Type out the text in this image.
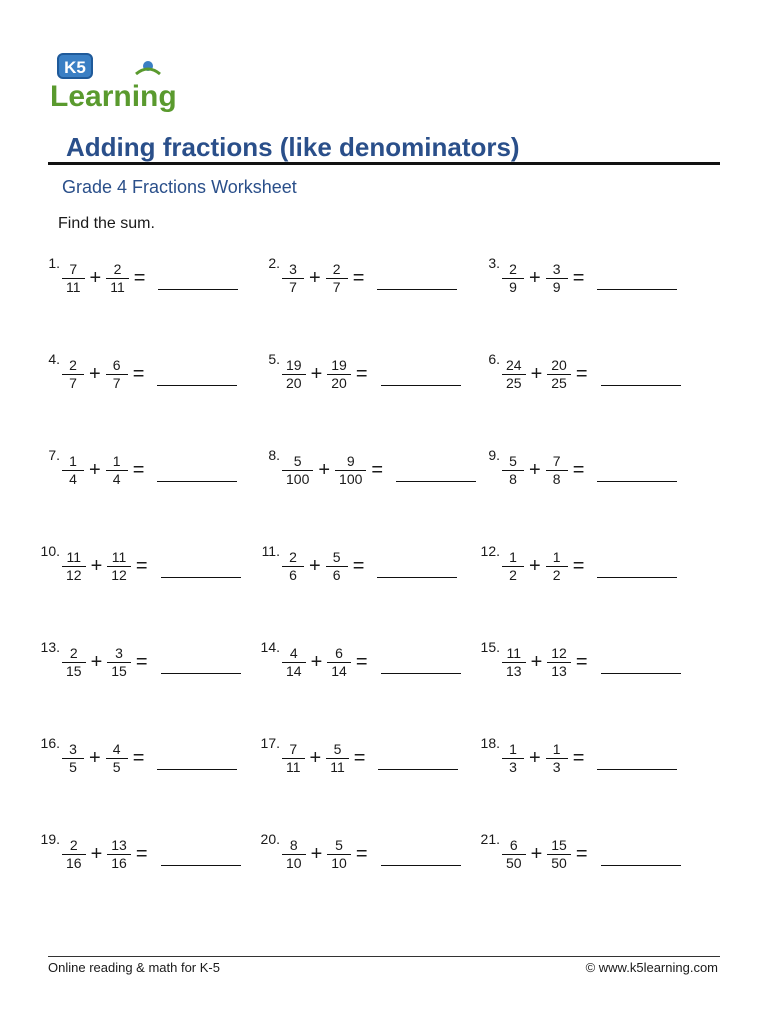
K5
Learning
Adding fractions (like denominators)
Grade 4 Fractions Worksheet
Find the sum.
1. $\frac{7}{11} + \frac{2}{11}$ =
2. $\frac{3}{7} + \frac{2}{7}$ =
3. $\frac{2}{9} + \frac{3}{9}$ =
4. $\frac{2}{7} + \frac{6}{7}$ =
5. $\frac{19}{20} + \frac{19}{20}$ =
6. $\frac{24}{25} + \frac{20}{25}$ =
7. $\frac{1}{4} + \frac{1}{4}$ =
8. $\frac{5}{100} + \frac{9}{100}$ =
9. $\frac{5}{8} + \frac{7}{8}$ =
10. $\frac{11}{12} + \frac{11}{12}$ =
11. $\frac{2}{6} + \frac{5}{6}$ =
12. $\frac{1}{2} + \frac{1}{2}$ =
13. $\frac{2}{15} + \frac{3}{15}$ =
14. $\frac{4}{14} + \frac{6}{14}$ =
15. $\frac{11}{13} + \frac{12}{13}$ =
16. $\frac{3}{5} + \frac{4}{5}$ =
17. $\frac{7}{11} + \frac{5}{11}$ =
18. $\frac{1}{3} + \frac{1}{3}$ =
19. $\frac{2}{16} + \frac{13}{16}$ =
20. $\frac{8}{10} + \frac{5}{10}$ =
21. $\frac{6}{50} + \frac{15}{50}$ =
Online reading & math for K-5	© www.k5learning.com
